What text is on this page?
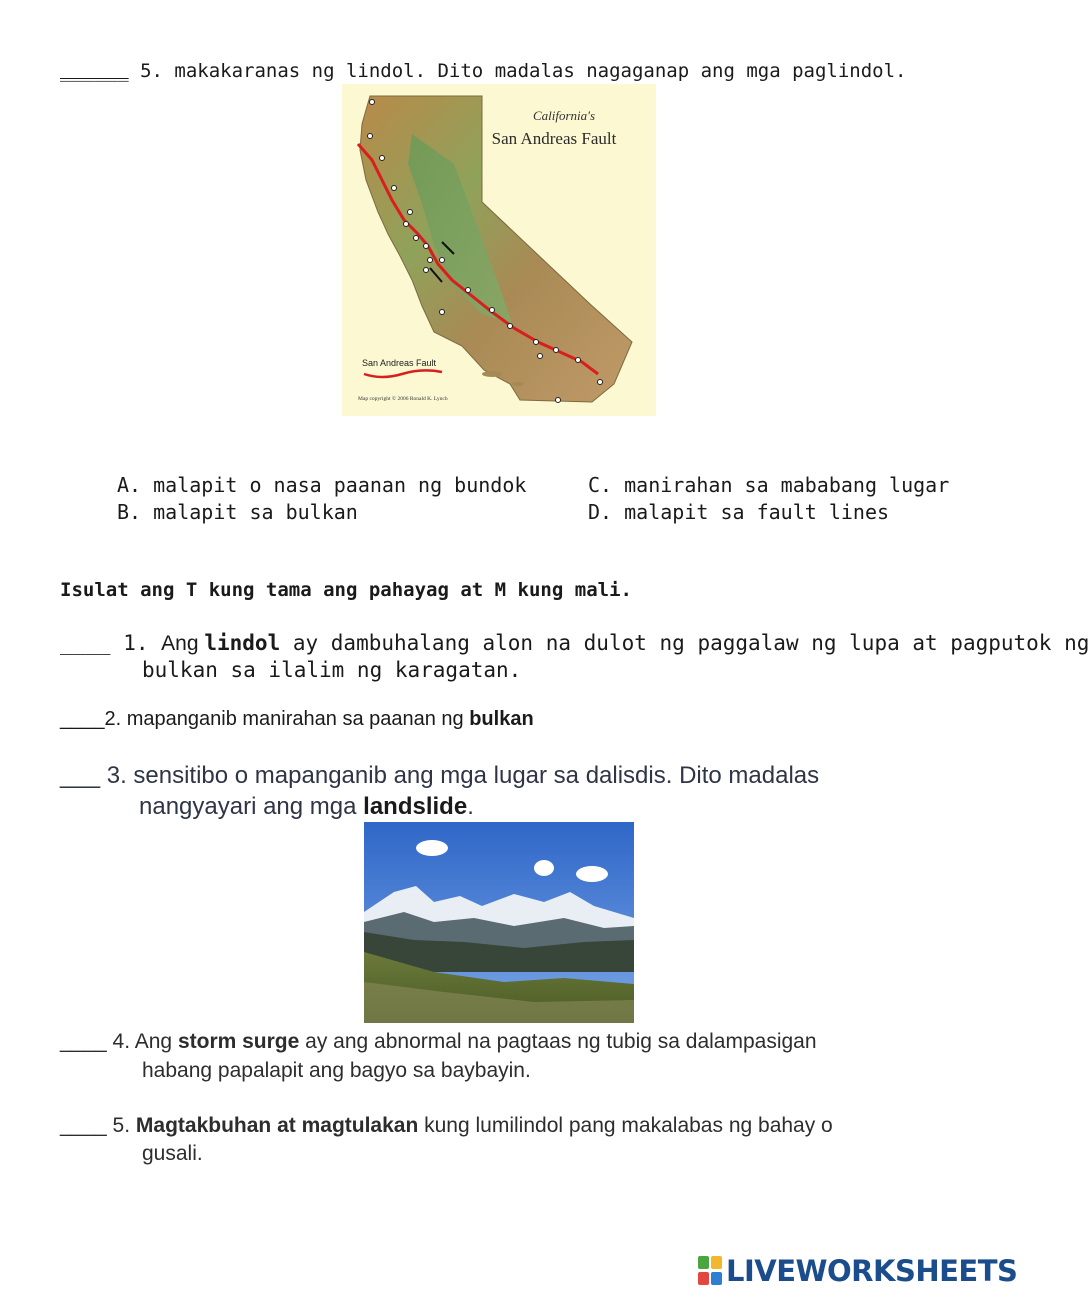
______ 5. makakaranas ng lindol. Dito madalas nagaganap ang mga paglindol.
California's
San Andreas Fault
San Andreas Fault
Map copyright © 2006 Ronald K. Lynch
A. malapit o nasa paanan ng bundok
B. malapit sa bulkan
C. manirahan sa mababang lugar
D. malapit sa fault lines
Isulat ang T kung tama ang pahayag at M kung mali.
____ 1. Ang lindol ay dambuhalang alon na dulot ng paggalaw ng lupa at pagputok ng
bulkan sa ilalim ng karagatan.
____2. mapanganib manirahan sa paanan ng bulkan
___ 3. sensitibo o mapanganib ang mga lugar sa dalisdis. Dito madalas
nangyayari ang mga landslide.
____ 4. Ang storm surge ay ang abnormal na pagtaas ng tubig sa dalampasigan
habang papalapit ang bagyo sa baybayin.
____ 5. Magtakbuhan at magtulakan kung lumilindol pang makalabas ng bahay o
gusali.
LIVEWORKSHEETS
